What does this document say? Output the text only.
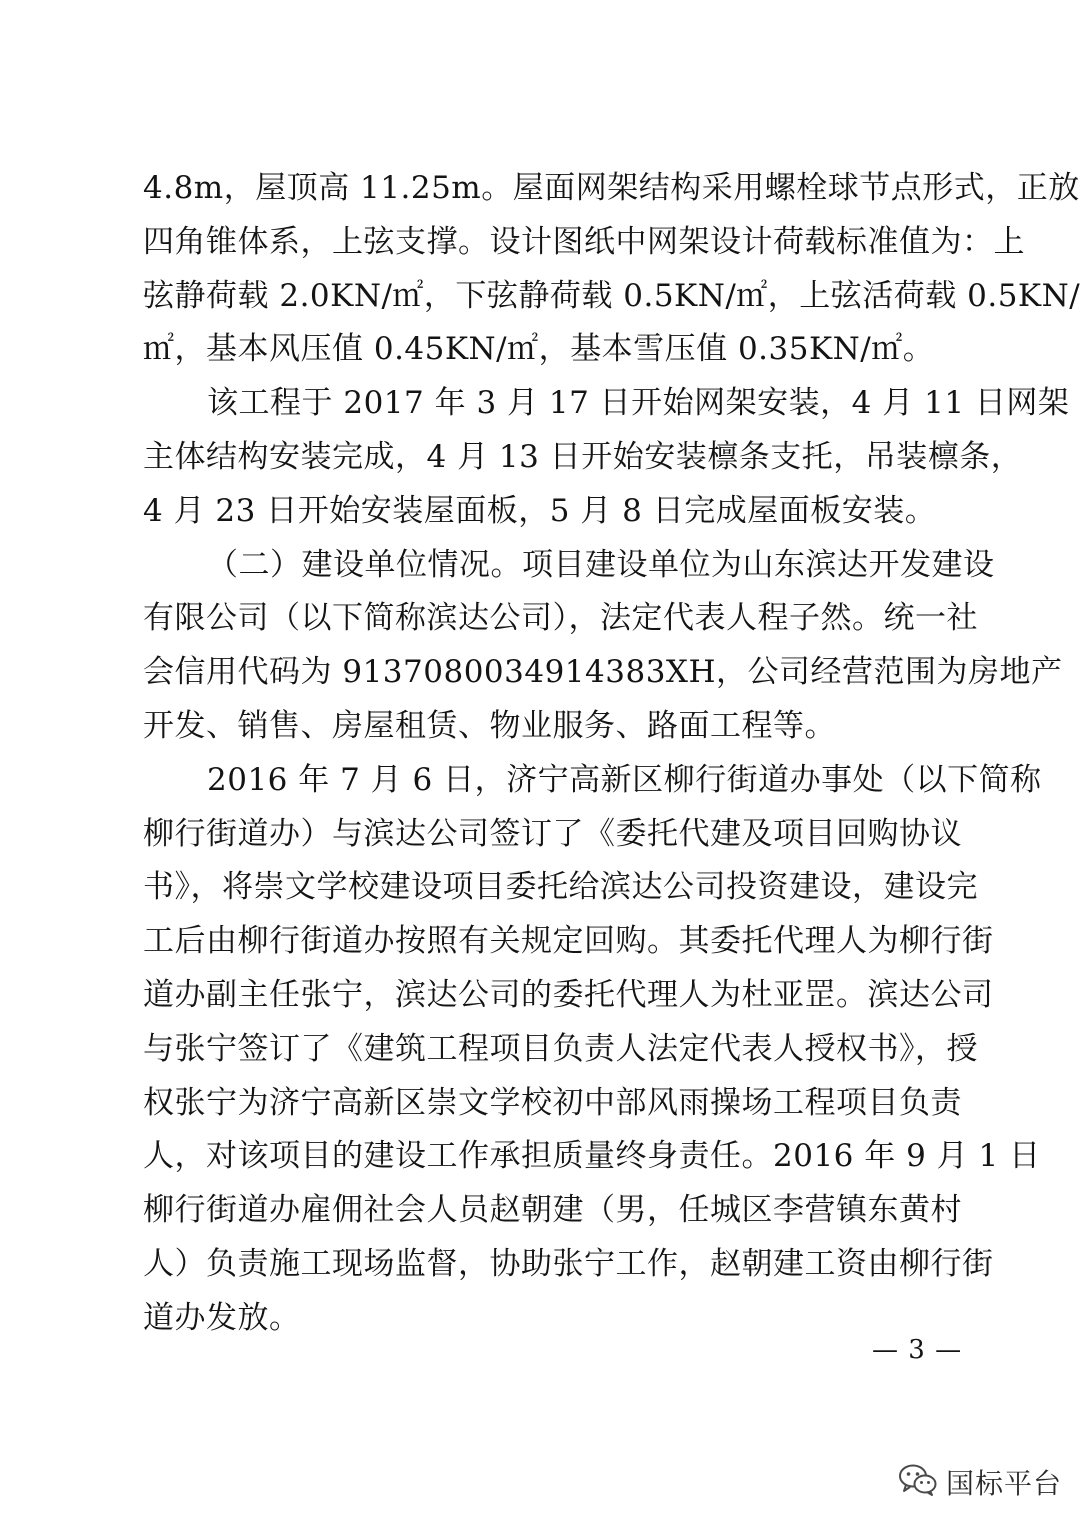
4.8m，屋顶高 11.25m。屋面网架结构采用螺栓球节点形式，正放
四角锥体系，上弦支撑。设计图纸中网架设计荷载标准值为：上
弦静荷载 2.0KN/㎡，下弦静荷载 0.5KN/㎡，上弦活荷载 0.5KN/
㎡，基本风压值 0.45KN/㎡，基本雪压值 0.35KN/㎡。
该工程于 2017 年 3 月 17 日开始网架安装，4 月 11 日网架
主体结构安装完成，4 月 13 日开始安装檩条支托，吊装檩条，
4 月 23 日开始安装屋面板，5 月 8 日完成屋面板安装。
（二）建设单位情况。项目建设单位为山东滨达开发建设
有限公司（以下简称滨达公司），法定代表人程子然。统一社
会信用代码为 9137080034914383XH，公司经营范围为房地产
开发、销售、房屋租赁、物业服务、路面工程等。
2016 年 7 月 6 日，济宁高新区柳行街道办事处（以下简称
柳行街道办）与滨达公司签订了《委托代建及项目回购协议
书》，将崇文学校建设项目委托给滨达公司投资建设，建设完
工后由柳行街道办按照有关规定回购。其委托代理人为柳行街
道办副主任张宁，滨达公司的委托代理人为杜亚罡。滨达公司
与张宁签订了《建筑工程项目负责人法定代表人授权书》，授
权张宁为济宁高新区崇文学校初中部风雨操场工程项目负责
人，对该项目的建设工作承担质量终身责任。2016 年 9 月 1 日
柳行街道办雇佣社会人员赵朝建（男，任城区李营镇东黄村
人）负责施工现场监督，协助张宁工作，赵朝建工资由柳行街
道办发放。
— 3 —
国标平台
